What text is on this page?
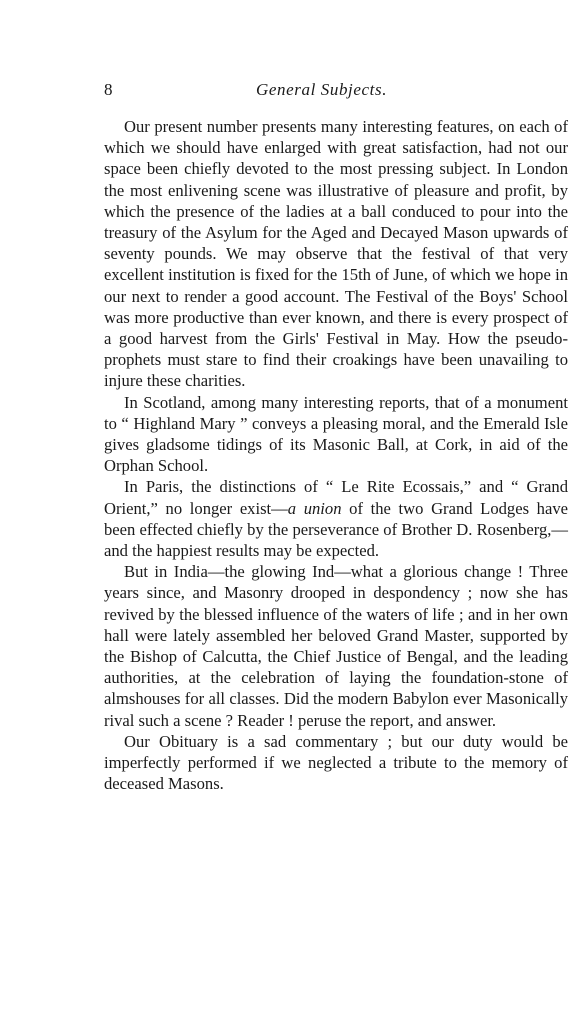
8	General Subjects.

Our present number presents many interesting features, on each of which we should have enlarged with great satisfaction, had not our space been chiefly devoted to the most pressing subject. In London the most enlivening scene was illustrative of pleasure and profit, by which the presence of the ladies at a ball conduced to pour into the treasury of the Asylum for the Aged and Decayed Mason upwards of seventy pounds. We may observe that the festival of that very excellent institution is fixed for the 15th of June, of which we hope in our next to render a good account. The Festival of the Boys' School was more productive than ever known, and there is every prospect of a good harvest from the Girls' Festival in May. How the pseudo-prophets must stare to find their croakings have been unavailing to injure these charities.

In Scotland, among many interesting reports, that of a monument to “ Highland Mary ” conveys a pleasing moral, and the Emerald Isle gives gladsome tidings of its Masonic Ball, at Cork, in aid of the Orphan School.

In Paris, the distinctions of “ Le Rite Ecossais,” and “ Grand Orient,” no longer exist—a union of the two Grand Lodges have been effected chiefly by the perseverance of Brother D. Rosenberg,—and the happiest results may be expected.

But in India—the glowing Ind—what a glorious change ! Three years since, and Masonry drooped in despondency ; now she has revived by the blessed influence of the waters of life ; and in her own hall were lately assembled her beloved Grand Master, supported by the Bishop of Calcutta, the Chief Justice of Bengal, and the leading authorities, at the celebration of laying the foundation-stone of almshouses for all classes. Did the modern Babylon ever Masonically rival such a scene ? Reader ! peruse the report, and answer.

Our Obituary is a sad commentary ; but our duty would be imperfectly performed if we neglected a tribute to the memory of deceased Masons.
